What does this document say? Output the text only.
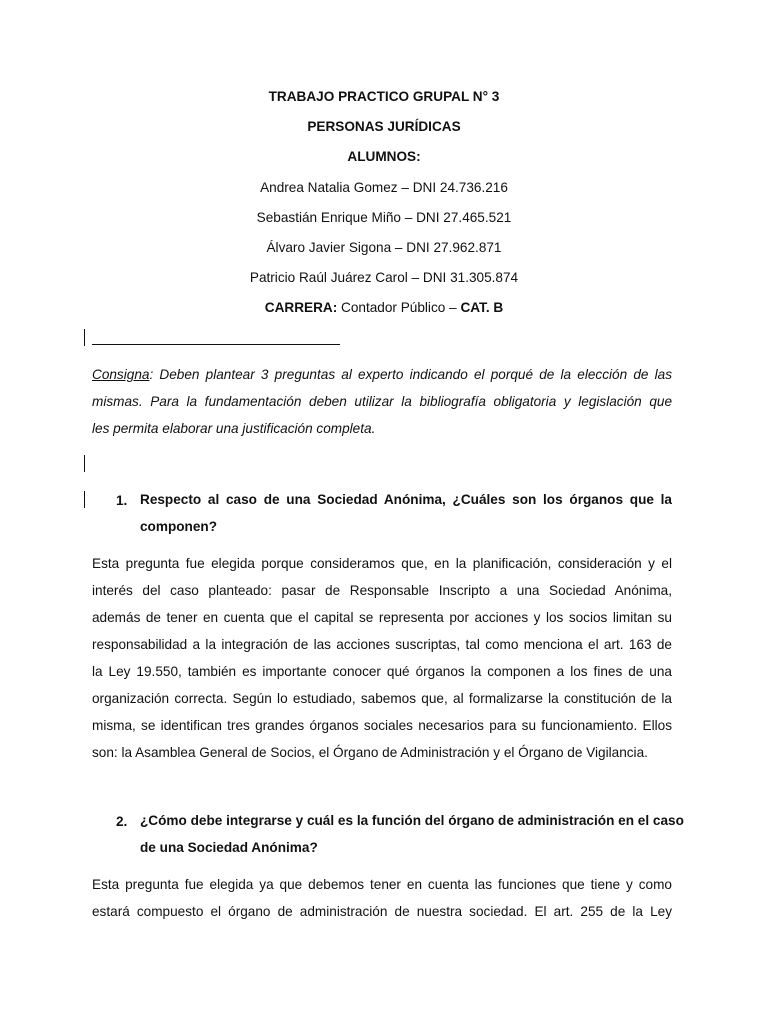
TRABAJO PRACTICO GRUPAL N° 3
PERSONAS JURÍDICAS
ALUMNOS:
Andrea Natalia Gomez – DNI 24.736.216
Sebastián Enrique Miño – DNI 27.465.521
Álvaro Javier Sigona – DNI 27.962.871
Patricio Raúl Juárez Carol – DNI 31.305.874
CARRERA: Contador Público – CAT. B
Consigna: Deben plantear 3 preguntas al experto indicando el porqué de la elección de las
mismas. Para la fundamentación deben utilizar la bibliografía obligatoria y legislación que
les permita elaborar una justificación completa.
1. Respecto al caso de una Sociedad Anónima, ¿Cuáles son los órganos que la
componen?
Esta pregunta fue elegida porque consideramos que, en la planificación, consideración y el
interés del caso planteado: pasar de Responsable Inscripto a una Sociedad Anónima,
además de tener en cuenta que el capital se representa por acciones y los socios limitan su
responsabilidad a la integración de las acciones suscriptas, tal como menciona el art. 163 de
la Ley 19.550, también es importante conocer qué órganos la componen a los fines de una
organización correcta. Según lo estudiado, sabemos que, al formalizarse la constitución de la
misma, se identifican tres grandes órganos sociales necesarios para su funcionamiento. Ellos
son: la Asamblea General de Socios, el Órgano de Administración y el Órgano de Vigilancia.
2. ¿Cómo debe integrarse y cuál es la función del órgano de administración en el caso
de una Sociedad Anónima?
Esta pregunta fue elegida ya que debemos tener en cuenta las funciones que tiene y como
estará compuesto el órgano de administración de nuestra sociedad. El art. 255 de la Ley
